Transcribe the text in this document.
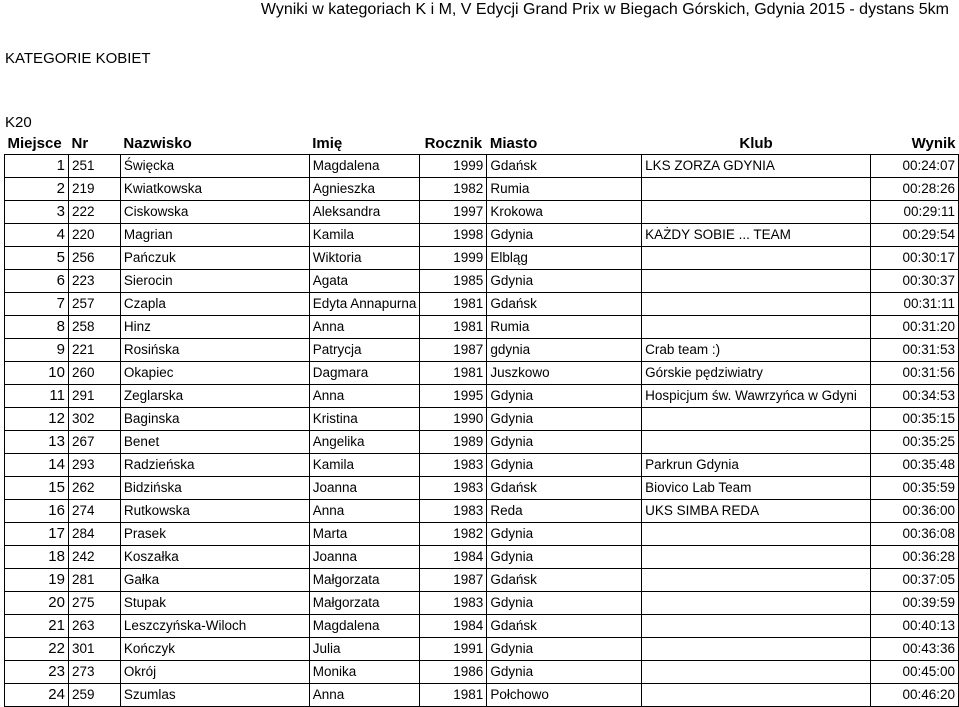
Wyniki w kategoriach K i M, V Edycji Grand Prix w Biegach Górskich, Gdynia 2015 - dystans 5km
KATEGORIE KOBIET
K20
Miejsce	Nr	Nazwisko	Imię	Rocznik	Miasto	Klub	Wynik
1	251	Święcka	Magdalena	1999	Gdańsk	LKS ZORZA GDYNIA	00:24:07
2	219	Kwiatkowska	Agnieszka	1982	Rumia		00:28:26
3	222	Ciskowska	Aleksandra	1997	Krokowa		00:29:11
4	220	Magrian	Kamila	1998	Gdynia	KAŻDY SOBIE ... TEAM	00:29:54
5	256	Pańczuk	Wiktoria	1999	Elbląg		00:30:17
6	223	Sierocin	Agata	1985	Gdynia		00:30:37
7	257	Czapla	Edyta Annapurna	1981	Gdańsk		00:31:11
8	258	Hinz	Anna	1981	Rumia		00:31:20
9	221	Rosińska	Patrycja	1987	gdynia	Crab team :)	00:31:53
10	260	Okapiec	Dagmara	1981	Juszkowo	Górskie pędziwiatry	00:31:56
11	291	Zeglarska	Anna	1995	Gdynia	Hospicjum św. Wawrzyńca w Gdyni	00:34:53
12	302	Baginska	Kristina	1990	Gdynia		00:35:15
13	267	Benet	Angelika	1989	Gdynia		00:35:25
14	293	Radzieńska	Kamila	1983	Gdynia	Parkrun Gdynia	00:35:48
15	262	Bidzińska	Joanna	1983	Gdańsk	Biovico Lab Team	00:35:59
16	274	Rutkowska	Anna	1983	Reda	UKS SIMBA REDA	00:36:00
17	284	Prasek	Marta	1982	Gdynia		00:36:08
18	242	Koszałka	Joanna	1984	Gdynia		00:36:28
19	281	Gałka	Małgorzata	1987	Gdańsk		00:37:05
20	275	Stupak	Małgorzata	1983	Gdynia		00:39:59
21	263	Leszczyńska-Wiloch	Magdalena	1984	Gdańsk		00:40:13
22	301	Kończyk	Julia	1991	Gdynia		00:43:36
23	273	Okrój	Monika	1986	Gdynia		00:45:00
24	259	Szumlas	Anna	1981	Połchowo		00:46:20
